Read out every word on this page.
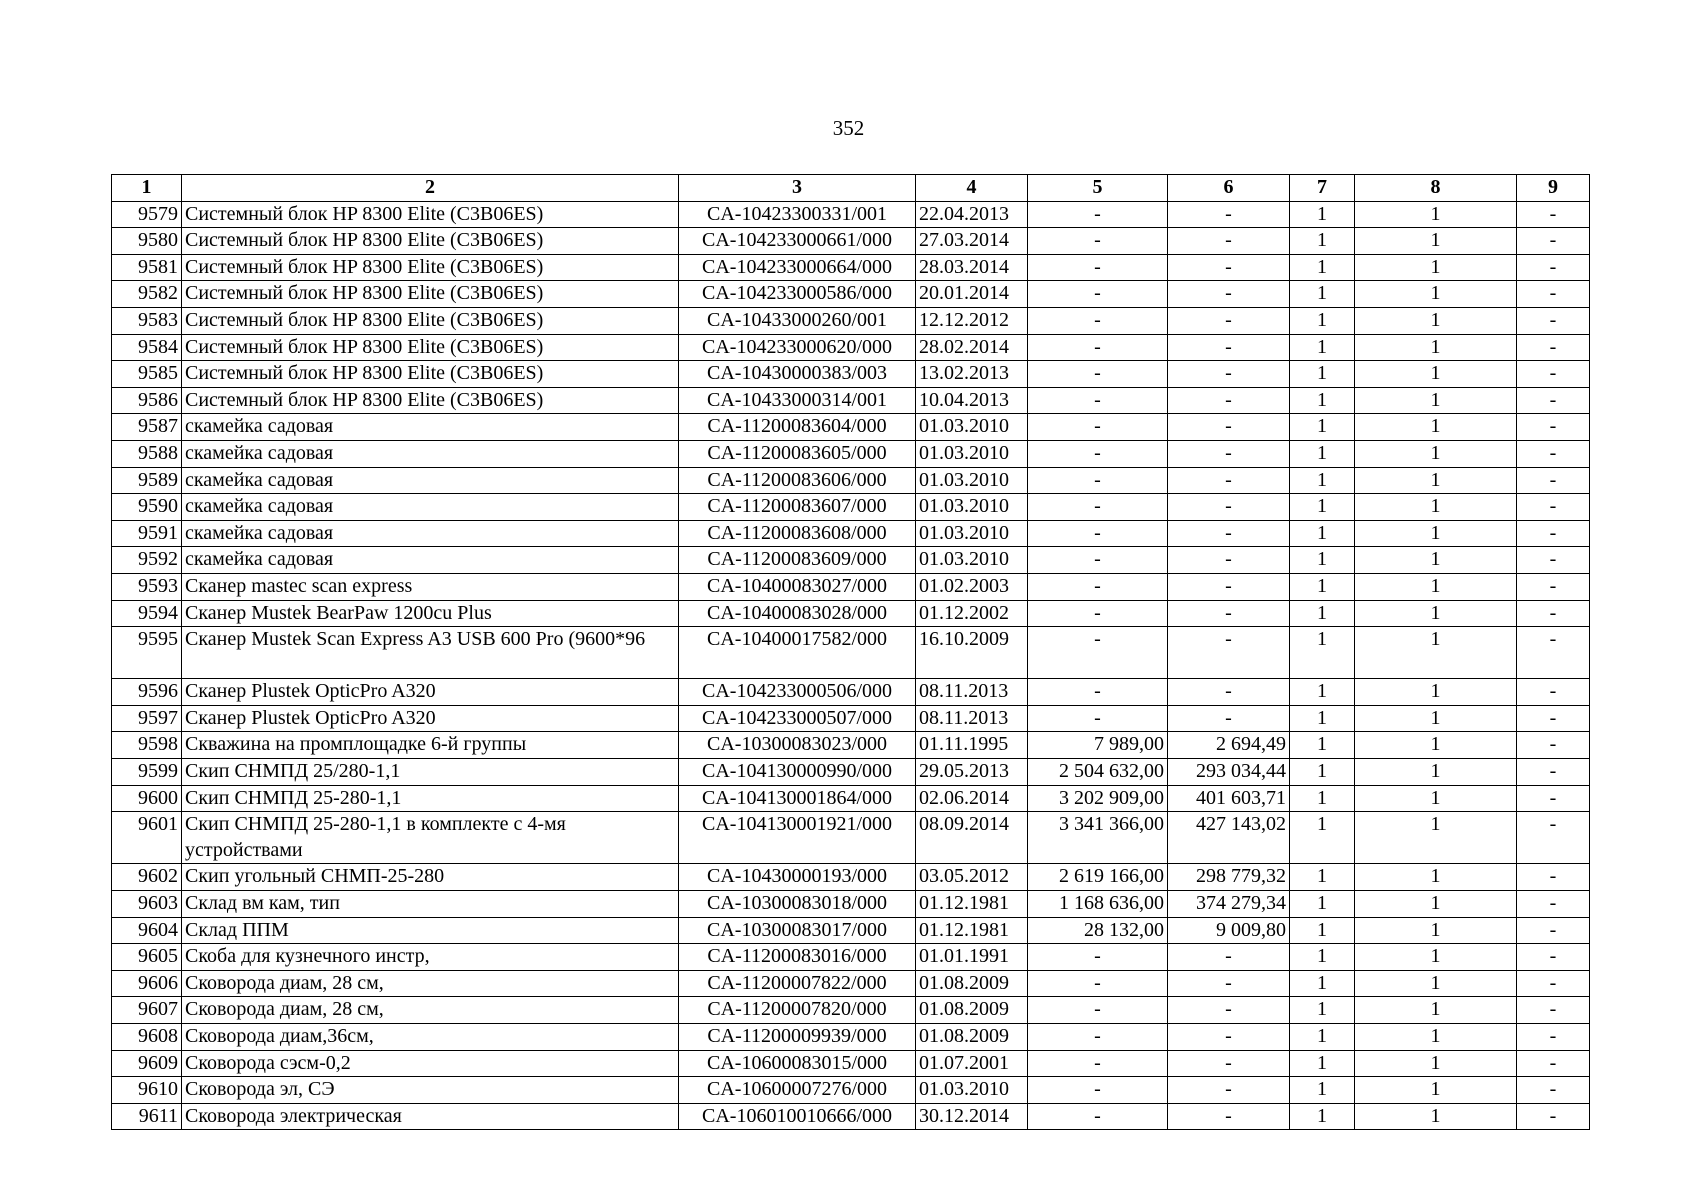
352
1	2	3	4	5	6	7	8	9
9579	Системный блок HP 8300 Elite (C3B06ES)	CA-10423300331/001	22.04.2013	-	-	1	1	-
9580	Системный блок HP 8300 Elite (C3B06ES)	CA-104233000661/000	27.03.2014	-	-	1	1	-
9581	Системный блок HP 8300 Elite (C3B06ES)	CA-104233000664/000	28.03.2014	-	-	1	1	-
9582	Системный блок HP 8300 Elite (C3B06ES)	CA-104233000586/000	20.01.2014	-	-	1	1	-
9583	Системный блок HP 8300 Elite (C3B06ES)	CA-10433000260/001	12.12.2012	-	-	1	1	-
9584	Системный блок HP 8300 Elite (C3B06ES)	CA-104233000620/000	28.02.2014	-	-	1	1	-
9585	Системный блок HP 8300 Elite (C3B06ES)	CA-10430000383/003	13.02.2013	-	-	1	1	-
9586	Системный блок HP 8300 Elite (C3B06ES)	CA-10433000314/001	10.04.2013	-	-	1	1	-
9587	скамейка садовая	CA-11200083604/000	01.03.2010	-	-	1	1	-
9588	скамейка садовая	CA-11200083605/000	01.03.2010	-	-	1	1	-
9589	скамейка садовая	CA-11200083606/000	01.03.2010	-	-	1	1	-
9590	скамейка садовая	CA-11200083607/000	01.03.2010	-	-	1	1	-
9591	скамейка садовая	CA-11200083608/000	01.03.2010	-	-	1	1	-
9592	скамейка садовая	CA-11200083609/000	01.03.2010	-	-	1	1	-
9593	Сканер mastec scan express	CA-10400083027/000	01.02.2003	-	-	1	1	-
9594	Сканер Mustek BearPaw 1200cu Plus	CA-10400083028/000	01.12.2002	-	-	1	1	-
9595	Сканер Mustek Scan Express A3 USB 600 Pro (9600*96	CA-10400017582/000	16.10.2009	-	-	1	1	-
9596	Сканер Plustek OpticPro A320	CA-104233000506/000	08.11.2013	-	-	1	1	-
9597	Сканер Plustek OpticPro A320	CA-104233000507/000	08.11.2013	-	-	1	1	-
9598	Скважина на промплощадке 6-й группы	CA-10300083023/000	01.11.1995	7 989,00	2 694,49	1	1	-
9599	Скип СНМПД 25/280-1,1	CA-104130000990/000	29.05.2013	2 504 632,00	293 034,44	1	1	-
9600	Скип СНМПД 25-280-1,1	CA-104130001864/000	02.06.2014	3 202 909,00	401 603,71	1	1	-
9601	Скип СНМПД 25-280-1,1 в комплекте с 4-мя устройствами	CA-104130001921/000	08.09.2014	3 341 366,00	427 143,02	1	1	-
9602	Скип угольный СНМП-25-280	CA-10430000193/000	03.05.2012	2 619 166,00	298 779,32	1	1	-
9603	Склад вм кам, тип	CA-10300083018/000	01.12.1981	1 168 636,00	374 279,34	1	1	-
9604	Склад ППМ	CA-10300083017/000	01.12.1981	28 132,00	9 009,80	1	1	-
9605	Скоба для кузнечного инстр,	CA-11200083016/000	01.01.1991	-	-	1	1	-
9606	Сковорода диам, 28 см,	CA-11200007822/000	01.08.2009	-	-	1	1	-
9607	Сковорода диам, 28 см,	CA-11200007820/000	01.08.2009	-	-	1	1	-
9608	Сковорода диам,36см,	CA-11200009939/000	01.08.2009	-	-	1	1	-
9609	Сковорода сэсм-0,2	CA-10600083015/000	01.07.2001	-	-	1	1	-
9610	Сковорода эл, СЭ	CA-10600007276/000	01.03.2010	-	-	1	1	-
9611	Сковорода электрическая	CA-106010010666/000	30.12.2014	-	-	1	1	-
